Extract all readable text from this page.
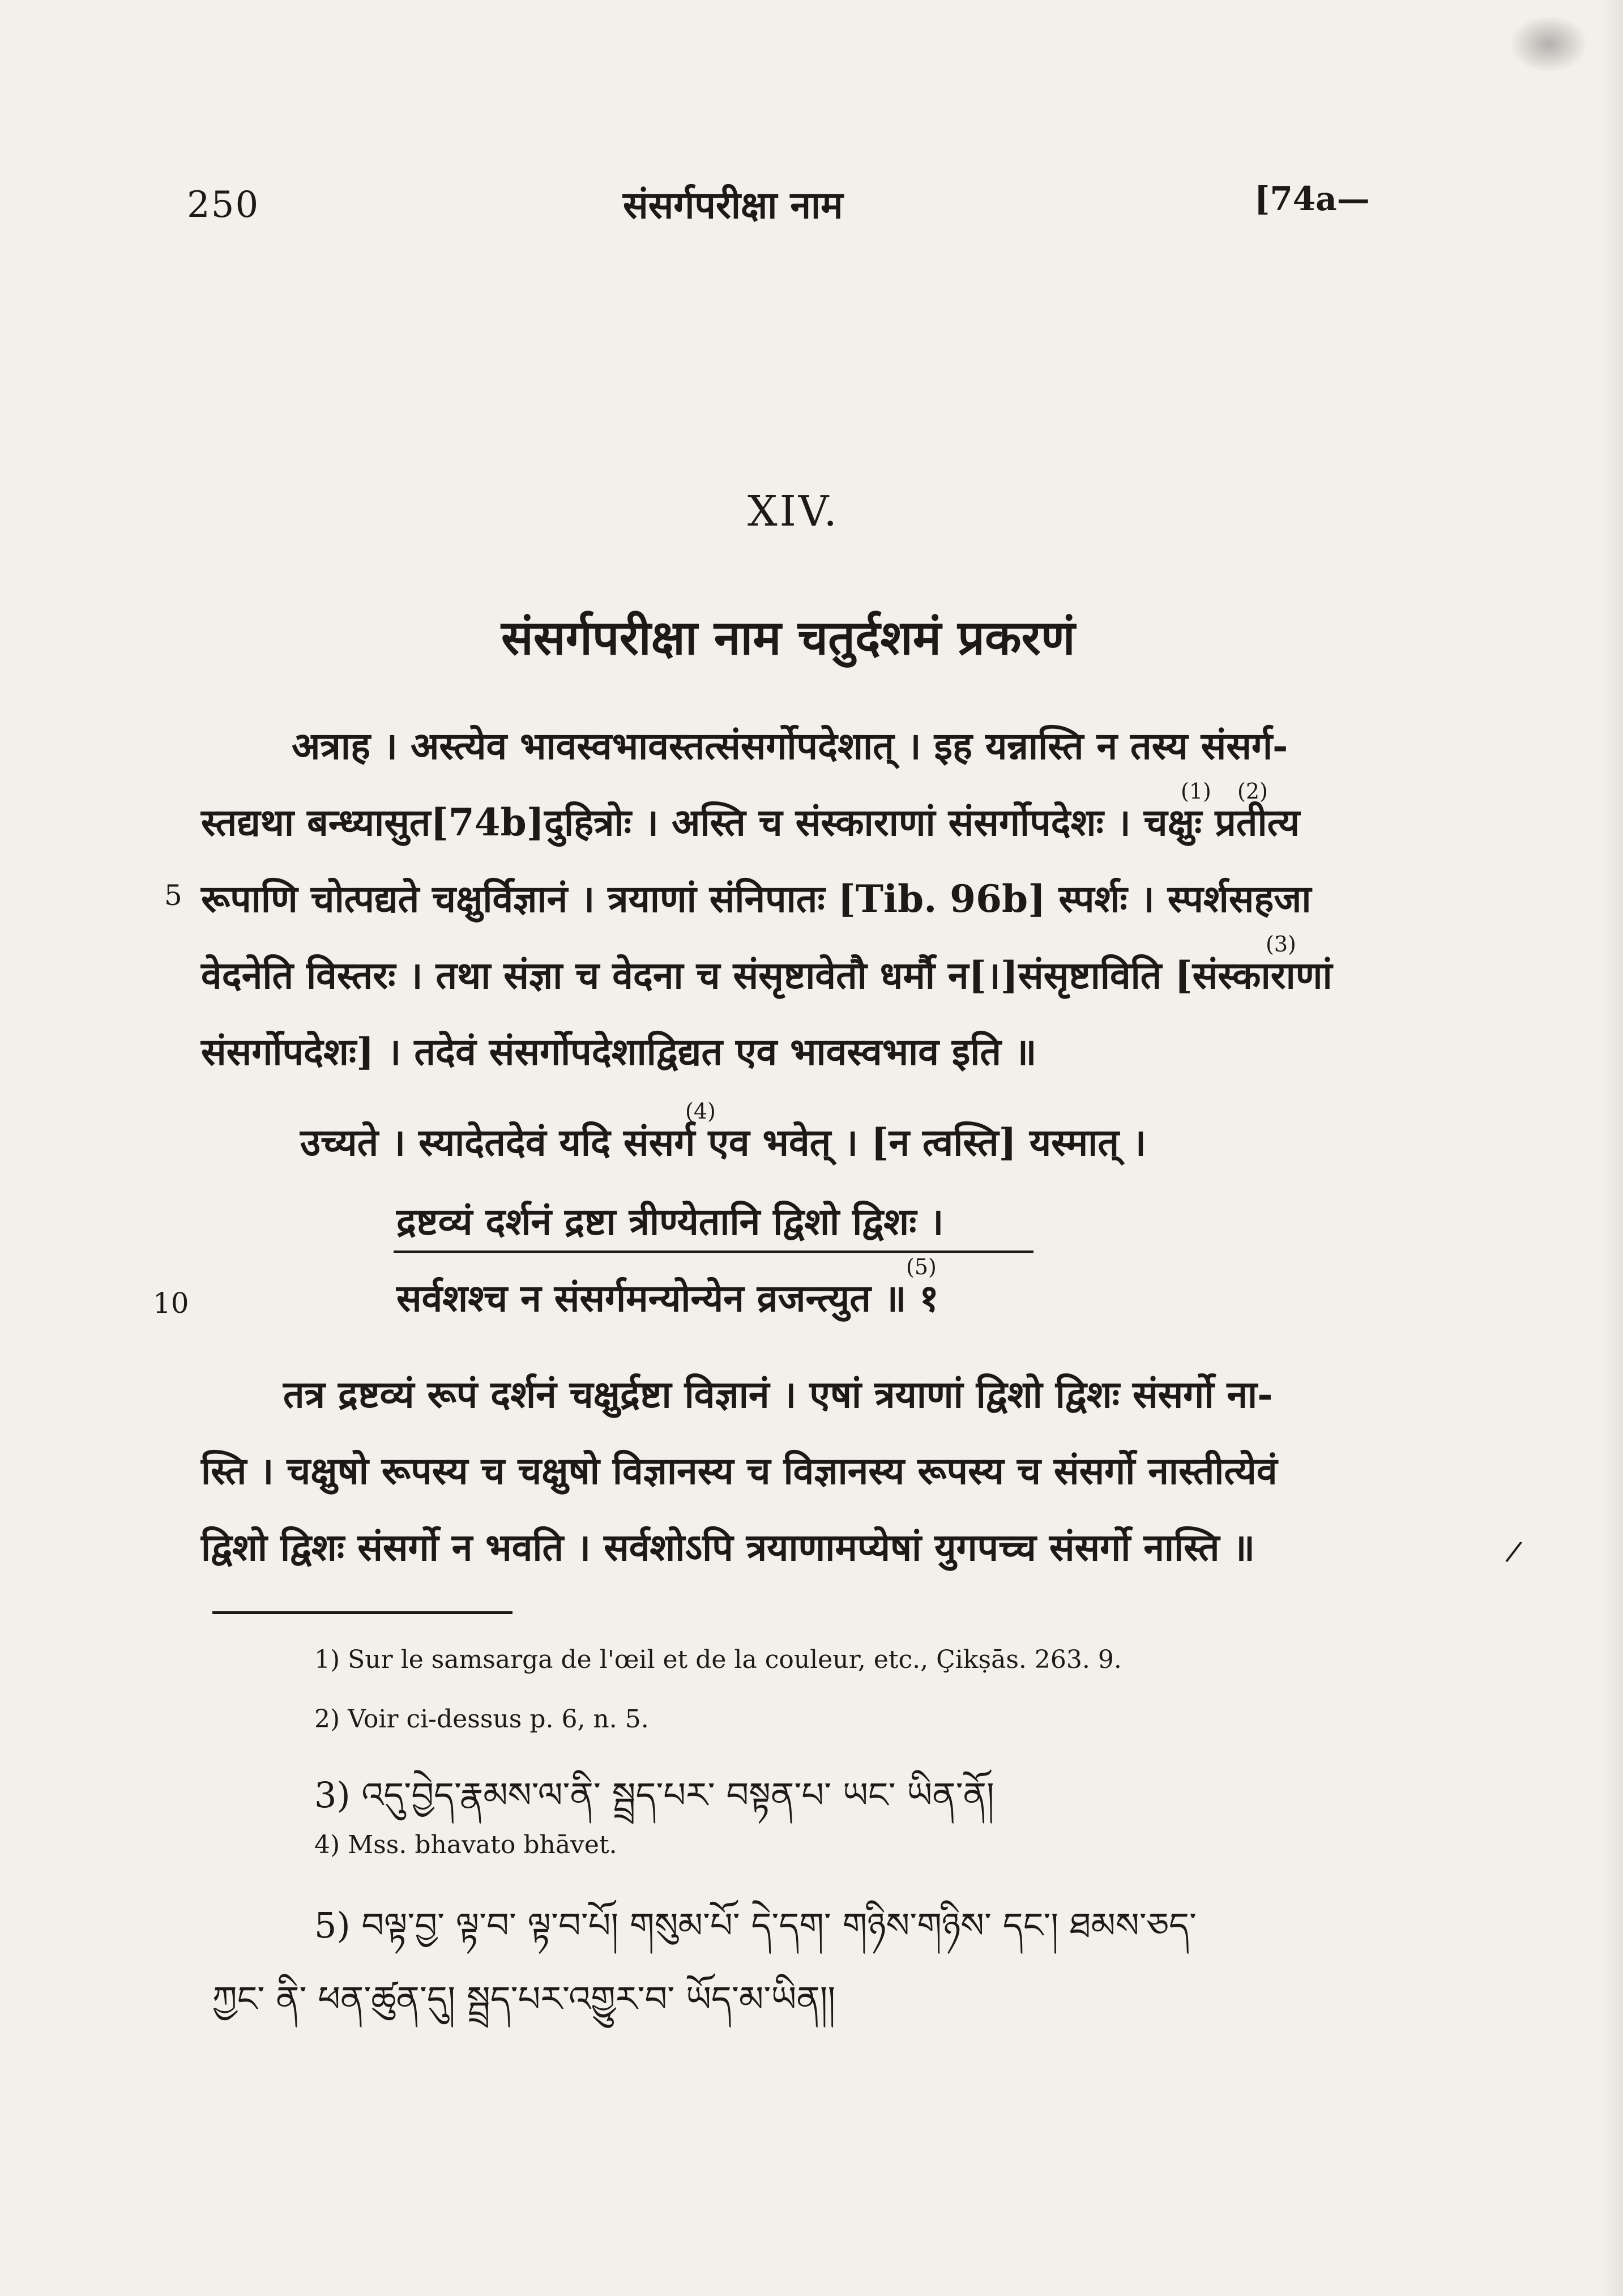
250	संसर्गपरीक्षा नाम	[74a—
XIV.
संसर्गपरीक्षा नाम चतुर्दशमं प्रकरणं
अत्राह । अस्त्येव भावस्वभावस्तत्संसर्गोपदेशात् । इह यन्नास्ति न तस्य संसर्ग-
स्तद्यथा बन्ध्यासुत[74b]दुहित्रोः । अस्ति च संस्काराणां संसर्गोपदेशः । चक्षुः प्रतीत्य
5 रूपाणि चोत्पद्यते चक्षुर्विज्ञानं । त्रयाणां संनिपातः [Tib. 96b] स्पर्शः । स्पर्शसहजा
वेदनेति विस्तरः । तथा संज्ञा च वेदना च संसृष्टावेतौ धर्मौ न[।]संसृष्टाविति [संस्काराणां
संसर्गोपदेशः] । तदेवं संसर्गोपदेशाद्विद्यत एव भावस्वभाव इति ॥
उच्यते । स्यादेतदेवं यदि संसर्ग एव भवेत् । [न त्वस्ति] यस्मात् ।
(1) (2)
(3)
(4)
द्रष्टव्यं दर्शनं द्रष्टा त्रीण्येतानि द्विशो द्विशः ।
10	सर्वशश्च न संसर्गमन्योन्येन व्रजन्त्युत ॥ १
(5)
तत्र द्रष्टव्यं रूपं दर्शनं चक्षुर्द्रष्टा विज्ञानं । एषां त्रयाणां द्विशो द्विशः संसर्गो ना-
स्ति । चक्षुषो रूपस्य च चक्षुषो विज्ञानस्य च विज्ञानस्य रूपस्य च संसर्गो नास्तीत्येवं
द्विशो द्विशः संसर्गो न भवति । सर्वशोऽपि त्रयाणामप्येषां युगपच्च संसर्गो नास्ति ॥	/
1) Sur le samsarga de l'œil et de la couleur, etc., Çikṣās. 263. 9.
2) Voir ci-dessus p. 6, n. 5.
3) འདུ་བྱེད་རྣམས་ལ་ནི་ སྦྲད་པར་ བསྟན་པ་ ཡང་ ཡིན་ནོ།
4) Mss. bhavato bhāvet.
5) བལྟ་བྱ་ ལྟ་བ་ ལྟ་བ་པོ། གསུམ་པོ་ དེ་དག་ གཉིས་གཉིས་ དང་། ཐམས་ཅད་
ཀྱང་ ནི་ ཕན་ཚུན་དུ། སྦྲད་པར་འགྱུར་བ་ ཡོད་མ་ཡིན།།
